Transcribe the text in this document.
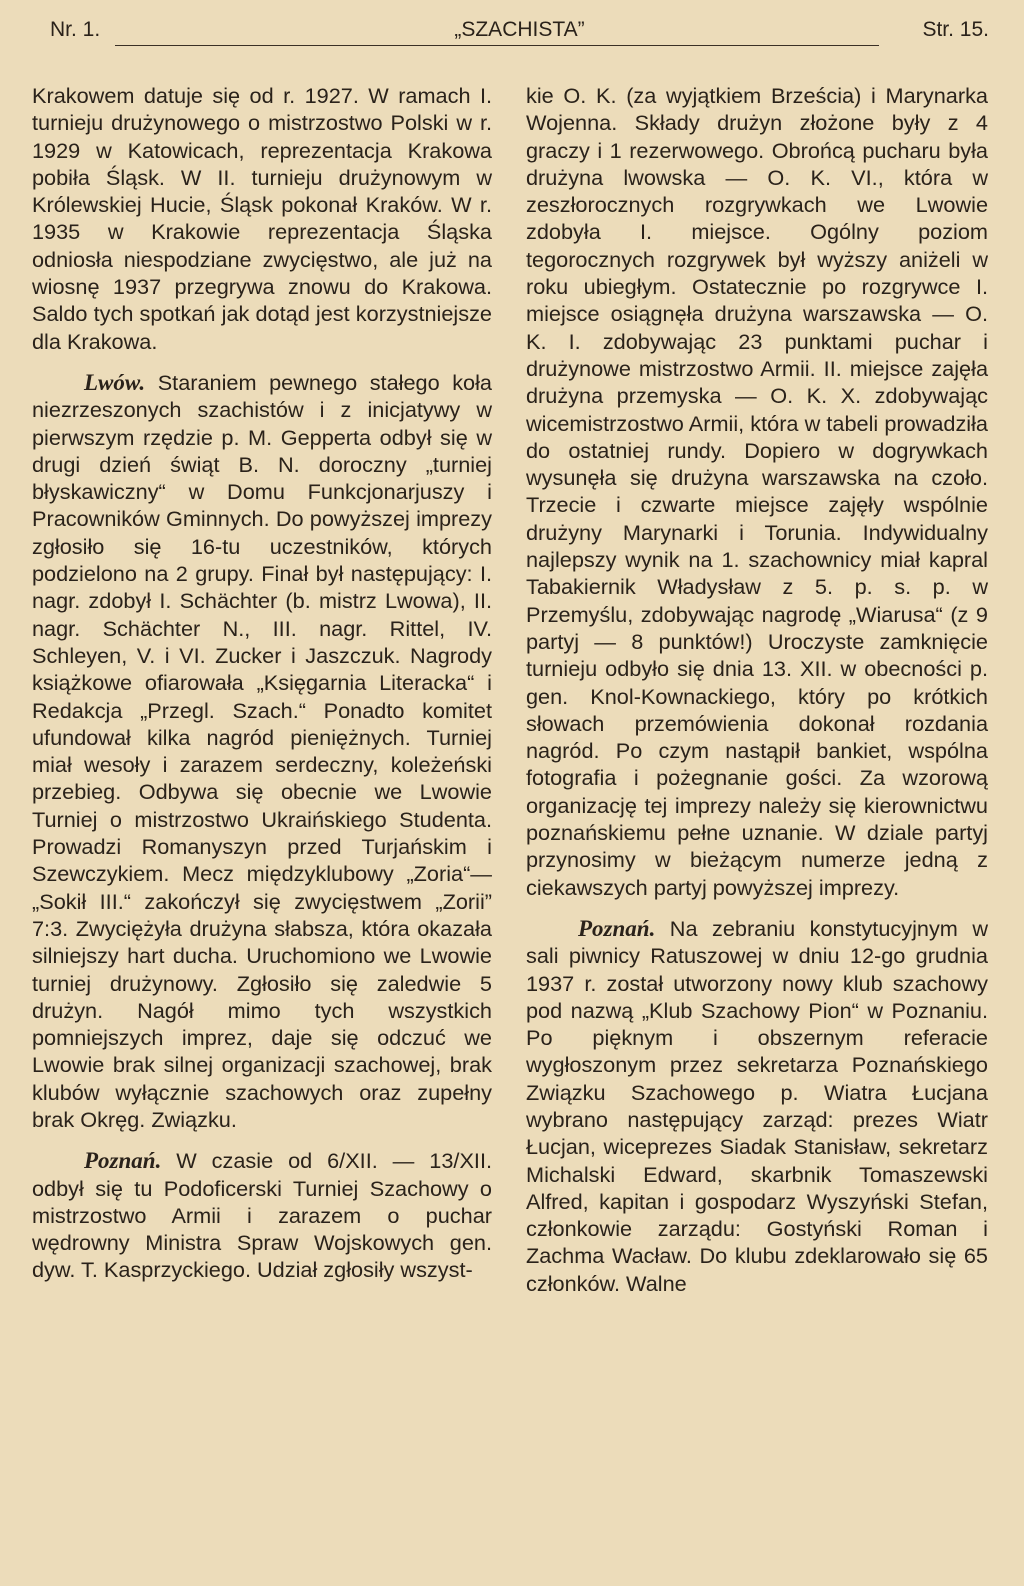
Nr. 1.	„SZACHISTA”	Str. 15.

Krakowem datuje się od r. 1927. W ramach I. turnieju drużynowego o mistrzostwo Polski w r. 1929 w Katowicach, reprezentacja Krakowa pobiła Śląsk. W II. turnieju drużynowym w Królewskiej Hucie, Śląsk pokonał Kraków. W r. 1935 w Krakowie reprezentacja Śląska odniosła niespodziane zwycięstwo, ale już na wiosnę 1937 przegrywa znowu do Krakowa. Saldo tych spotkań jak dotąd jest korzystniejsze dla Krakowa.

Lwów. Staraniem pewnego stałego koła niezrzeszonych szachistów i z inicjatywy w pierwszym rzędzie p. M. Gepperta odbył się w drugi dzień świąt B. N. doroczny „turniej błyskawiczny“ w Domu Funkcjonarjuszy i Pracowników Gminnych. Do powyższej imprezy zgłosiło się 16-tu uczestników, których podzielono na 2 grupy. Finał był następujący: I. nagr. zdobył I. Schächter (b. mistrz Lwowa), II. nagr. Schächter N., III. nagr. Rittel, IV. Schleyen, V. i VI. Zucker i Jaszczuk. Nagrody książkowe ofiarowała „Księgarnia Literacka“ i Redakcja „Przegl. Szach.“ Ponadto komitet ufundował kilka nagród pieniężnych. Turniej miał wesoły i zarazem serdeczny, koleżeński przebieg. Odbywa się obecnie we Lwowie Turniej o mistrzostwo Ukraińskiego Studenta. Prowadzi Romanyszyn przed Turjańskim i Szewczykiem. Mecz międzyklubowy „Zoria“—„Sokił III.“ zakończył się zwycięstwem „Zorii” 7:3. Zwyciężyła drużyna słabsza, która okazała silniejszy hart ducha. Uruchomiono we Lwowie turniej drużynowy. Zgłosiło się zaledwie 5 drużyn. Nagół mimo tych wszystkich pomniejszych imprez, daje się odczuć we Lwowie brak silnej organizacji szachowej, brak klubów wyłącznie szachowych oraz zupełny brak Okręg. Związku.

Poznań. W czasie od 6/XII. — 13/XII. odbył się tu Podoficerski Turniej Szachowy o mistrzostwo Armii i zarazem o puchar wędrowny Ministra Spraw Wojskowych gen. dyw. T. Kasprzyckiego. Udział zgłosiły wszyst-

kie O. K. (za wyjątkiem Brześcia) i Marynarka Wojenna. Składy drużyn złożone były z 4 graczy i 1 rezerwowego. Obrońcą pucharu była drużyna lwowska — O. K. VI., która w zeszłorocznych rozgrywkach we Lwowie zdobyła I. miejsce. Ogólny poziom tegorocznych rozgrywek był wyższy aniżeli w roku ubiegłym. Ostatecznie po rozgrywce I. miejsce osiągnęła drużyna warszawska — O. K. I. zdobywając 23 punktami puchar i drużynowe mistrzostwo Armii. II. miejsce zajęła drużyna przemyska — O. K. X. zdobywając wicemistrzostwo Armii, która w tabeli prowadziła do ostatniej rundy. Dopiero w dogrywkach wysunęła się drużyna warszawska na czoło. Trzecie i czwarte miejsce zajęły wspólnie drużyny Marynarki i Torunia. Indywidualny najlepszy wynik na 1. szachownicy miał kapral Tabakiernik Władysław z 5. p. s. p. w Przemyślu, zdobywając nagrodę „Wiarusa“ (z 9 partyj — 8 punktów!) Uroczyste zamknięcie turnieju odbyło się dnia 13. XII. w obecności p. gen. Knol-Kownackiego, który po krótkich słowach przemówienia dokonał rozdania nagród. Po czym nastąpił bankiet, wspólna fotografia i pożegnanie gości. Za wzorową organizację tej imprezy należy się kierownictwu poznańskiemu pełne uznanie. W dziale partyj przynosimy w bieżącym numerze jedną z ciekawszych partyj powyższej imprezy.

Poznań. Na zebraniu konstytucyjnym w sali piwnicy Ratuszowej w dniu 12-go grudnia 1937 r. został utworzony nowy klub szachowy pod nazwą „Klub Szachowy Pion“ w Poznaniu. Po pięknym i obszernym referacie wygłoszonym przez sekretarza Poznańskiego Związku Szachowego p. Wiatra Łucjana wybrano następujący zarząd: prezes Wiatr Łucjan, wiceprezes Siadak Stanisław, sekretarz Michalski Edward, skarbnik Tomaszewski Alfred, kapitan i gospodarz Wyszyński Stefan, członkowie zarządu: Gostyński Roman i Zachma Wacław. Do klubu zdeklarowało się 65 członków. Walne
